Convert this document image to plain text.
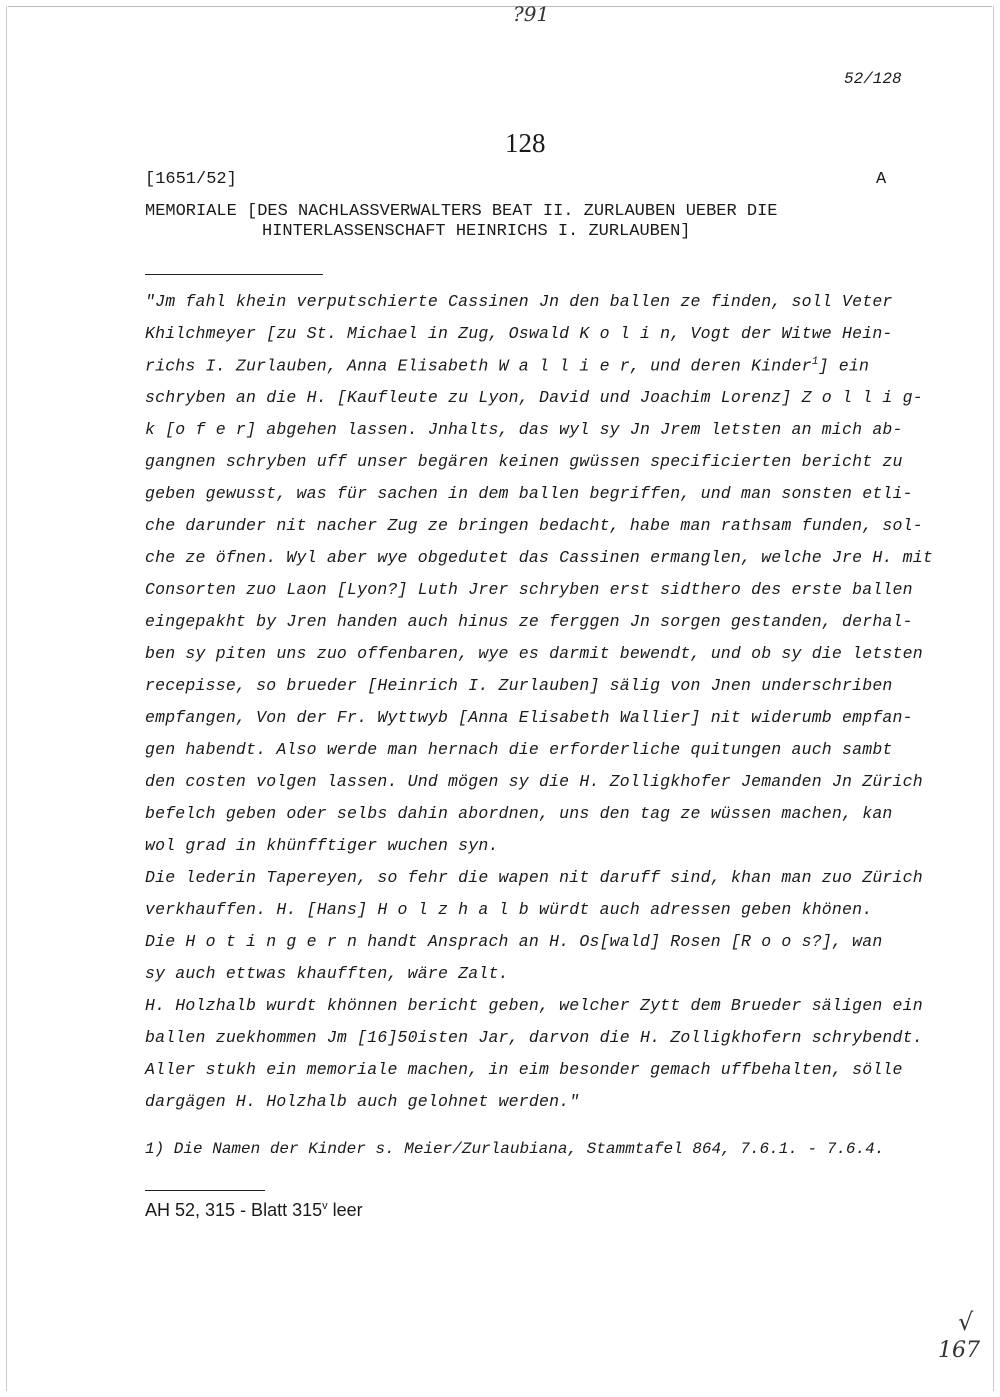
?91

52/128

128

[1651/52]	A

MEMORIALE [DES NACHLASSVERWALTERS BEAT II. ZURLAUBEN UEBER DIE

HINTERLASSENSCHAFT HEINRICHS I. ZURLAUBEN]

"Jm fahl khein verputschierte Cassinen Jn den ballen ze finden, soll Veter

Khilchmeyer [zu St. Michael in Zug, Oswald K o l i n, Vogt der Witwe Hein-

richs I. Zurlauben, Anna Elisabeth W a l l i e r, und deren Kinder$^1$] ein

schryben an die H. [Kaufleute zu Lyon, David und Joachim Lorenz] Z o l l i g-

k [o f e r] abgehen lassen. Jnhalts, das wyl sy Jn Jrem letsten an mich ab-

gangnen schryben uff unser begären keinen gwüssen specificierten bericht zu

geben gewusst, was für sachen in dem ballen begriffen, und man sonsten etli-

che darunder nit nacher Zug ze bringen bedacht, habe man rathsam funden, sol-

che ze öfnen. Wyl aber wye obgedutet das Cassinen ermanglen, welche Jre H. mit

Consorten zuo Laon [Lyon?] Luth Jrer schryben erst sidthero des erste ballen

eingepakht by Jren handen auch hinus ze ferggen Jn sorgen gestanden, derhal-

ben sy piten uns zuo offenbaren, wye es darmit bewendt, und ob sy die letsten

recepisse, so brueder [Heinrich I. Zurlauben] sälig von Jnen underschriben

empfangen, Von der Fr. Wyttwyb [Anna Elisabeth Wallier] nit widerumb empfan-

gen habendt. Also werde man hernach die erforderliche quitungen auch sambt

den costen volgen lassen. Und mögen sy die H. Zolligkhofer Jemanden Jn Zürich

befelch geben oder selbs dahin abordnen, uns den tag ze wüssen machen, kan

wol grad in khünfftiger wuchen syn.

Die lederin Tapereyen, so fehr die wapen nit daruff sind, khan man zuo Zürich

verkhauffen. H. [Hans] H o l z h a l b würdt auch adressen geben khönen.

Die H o t i n g e r n handt Ansprach an H. Os[wald] Rosen [R o o s?], wan

sy auch ettwas khaufften, wäre Zalt.

H. Holzhalb wurdt khönnen bericht geben, welcher Zytt dem Brueder säligen ein

ballen zuekhommen Jm [16]50isten Jar, darvon die H. Zolligkhofern schrybendt.

Aller stukh ein memoriale machen, in eim besonder gemach uffbehalten, sölle

dargägen H. Holzhalb auch gelohnet werden."

1) Die Namen der Kinder s. Meier/Zurlaubiana, Stammtafel 864, 7.6.1. - 7.6.4.

AH 52, 315 - Blatt 315$^v$ leer

√

167
